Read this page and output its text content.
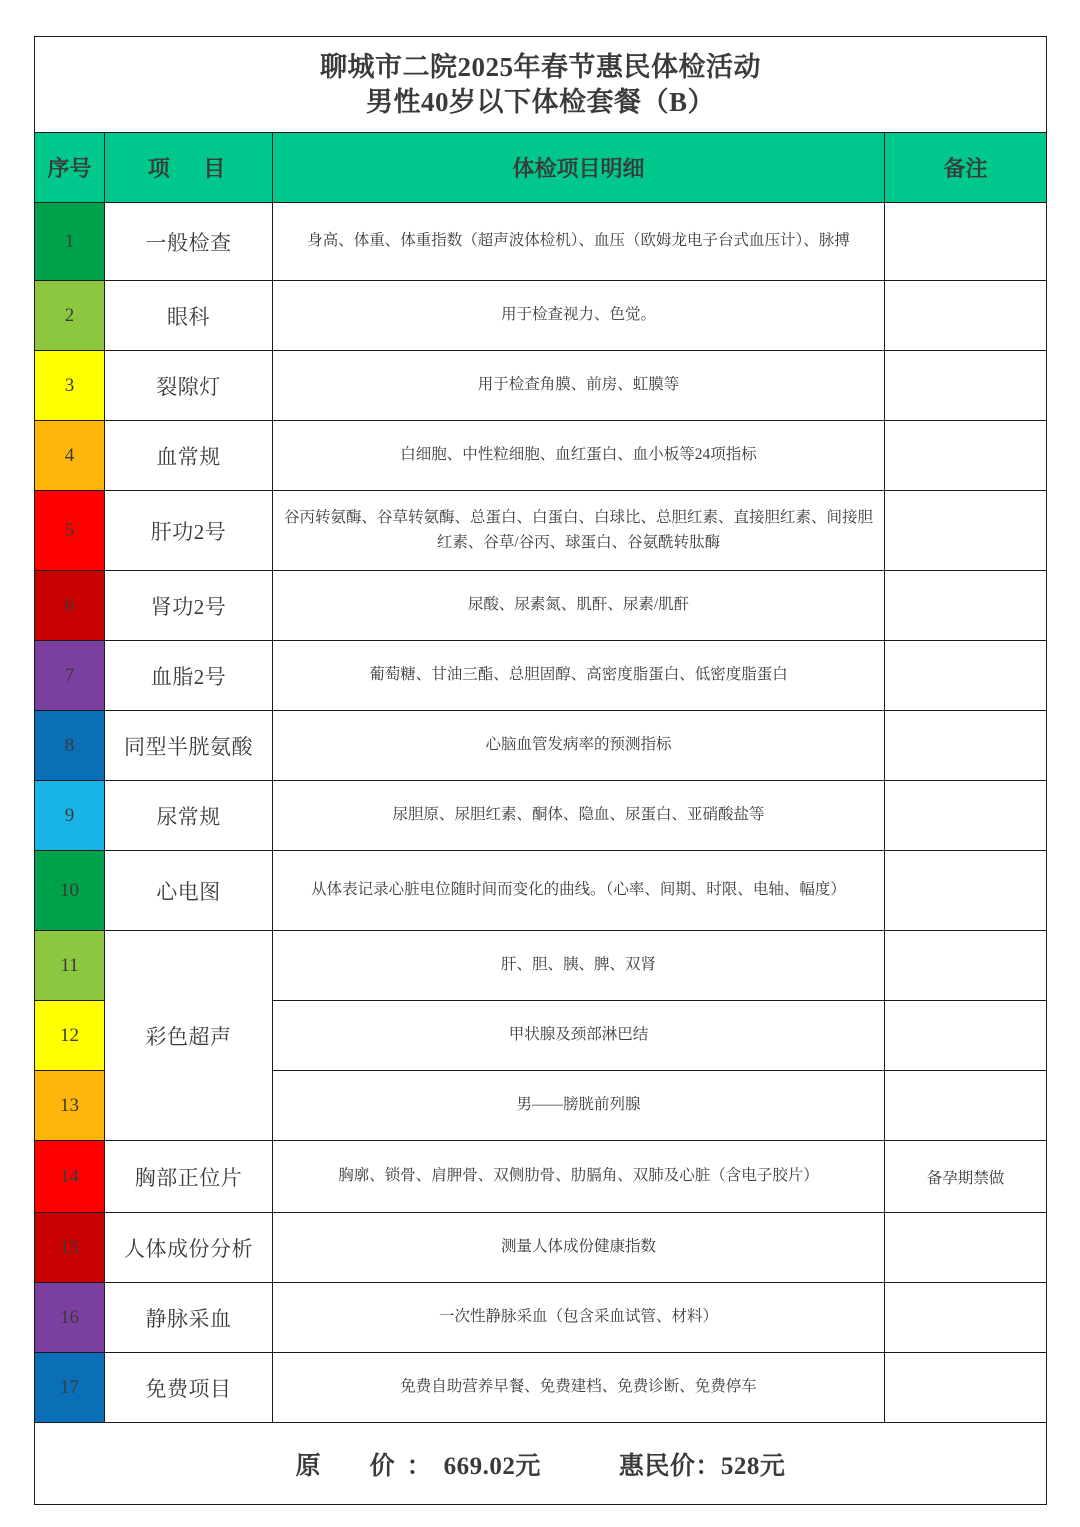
聊城市二院2025年春节惠民体检活动
男性40岁以下体检套餐（B）			

序号	项 目	体检项目明细	备注
1	一般检查	身高、体重、体重指数（超声波体检机）、血压（欧姆龙电子台式血压计）、脉搏	
2	眼科	用于检查视力、色觉。	
3	裂隙灯	用于检查角膜、前房、虹膜等	
4	血常规	白细胞、中性粒细胞、血红蛋白、血小板等24项指标	
5	肝功2号	谷丙转氨酶、谷草转氨酶、总蛋白、白蛋白、白球比、总胆红素、直接胆红素、间接胆红素、谷草/谷丙、球蛋白、谷氨酰转肽酶	
6	肾功2号	尿酸、尿素氮、肌酐、尿素/肌酐	
7	血脂2号	葡萄糖、甘油三酯、总胆固醇、高密度脂蛋白、低密度脂蛋白	
8	同型半胱氨酸	心脑血管发病率的预测指标	
9	尿常规	尿胆原、尿胆红素、酮体、隐血、尿蛋白、亚硝酸盐等	
10	心电图	从体表记录心脏电位随时间而变化的曲线。（心率、间期、时限、电轴、幅度）	
11	彩色超声	肝、胆、胰、脾、双肾	
12		甲状腺及颈部淋巴结	
13		男——膀胱前列腺	
14	胸部正位片	胸廓、锁骨、肩胛骨、双侧肋骨、肋膈角、双肺及心脏（含电子胶片）	备孕期禁做
15	人体成份分析	测量人体成份健康指数	
16	静脉采血	一次性静脉采血（包含采血试管、材料）	
17	免费项目	免费自助营养早餐、免费建档、免费诊断、免费停车	
原　价：669.02元 惠民价：528元			
